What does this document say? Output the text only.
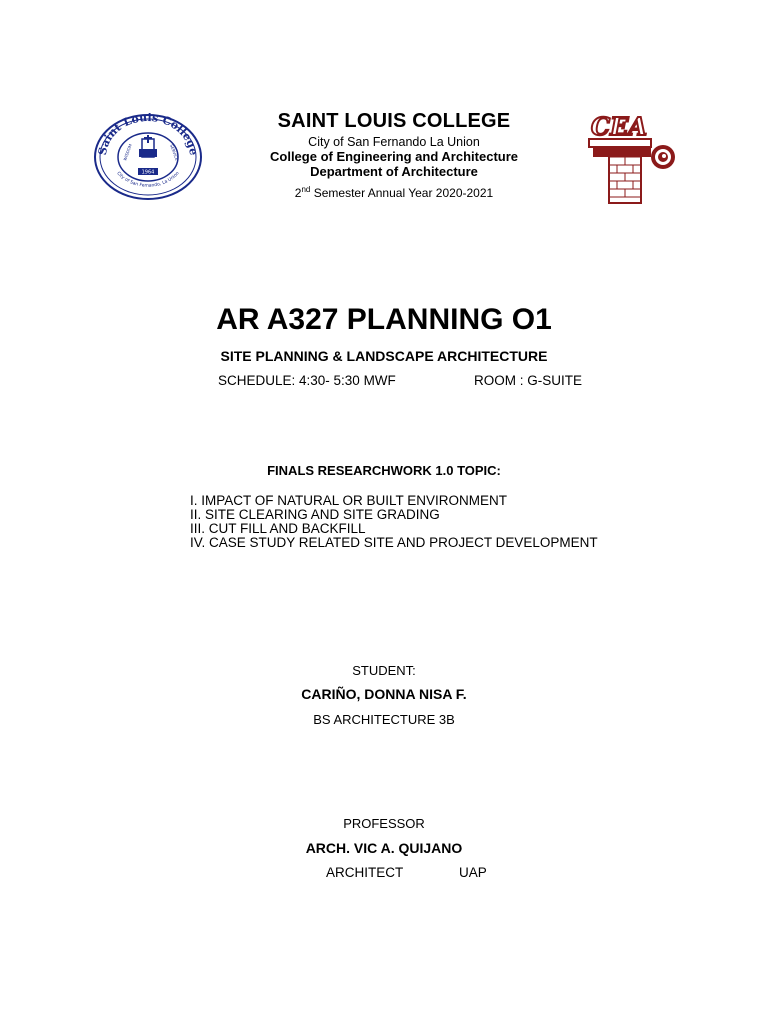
Saint Louis College
City of San Fernando, La Union
WISDOM	SERVICE
1964
CEA
SAINT LOUIS COLLEGE
City of San Fernando La Union
College of Engineering and Architecture
Department of Architecture
2nd Semester Annual Year 2020-2021
AR A327 PLANNING O1
SITE PLANNING & LANDSCAPE ARCHITECTURE
SCHEDULE: 4:30- 5:30 MWF	ROOM : G-SUITE
FINALS RESEARCHWORK 1.0 TOPIC:
I. IMPACT OF NATURAL OR BUILT ENVIRONMENT
II. SITE CLEARING AND SITE GRADING
III. CUT FILL AND BACKFILL
IV. CASE STUDY RELATED SITE AND PROJECT DEVELOPMENT
STUDENT:
CARIÑO, DONNA NISA F.
BS ARCHITECTURE 3B
PROFESSOR
ARCH. VIC A. QUIJANO
ARCHITECT	UAP
